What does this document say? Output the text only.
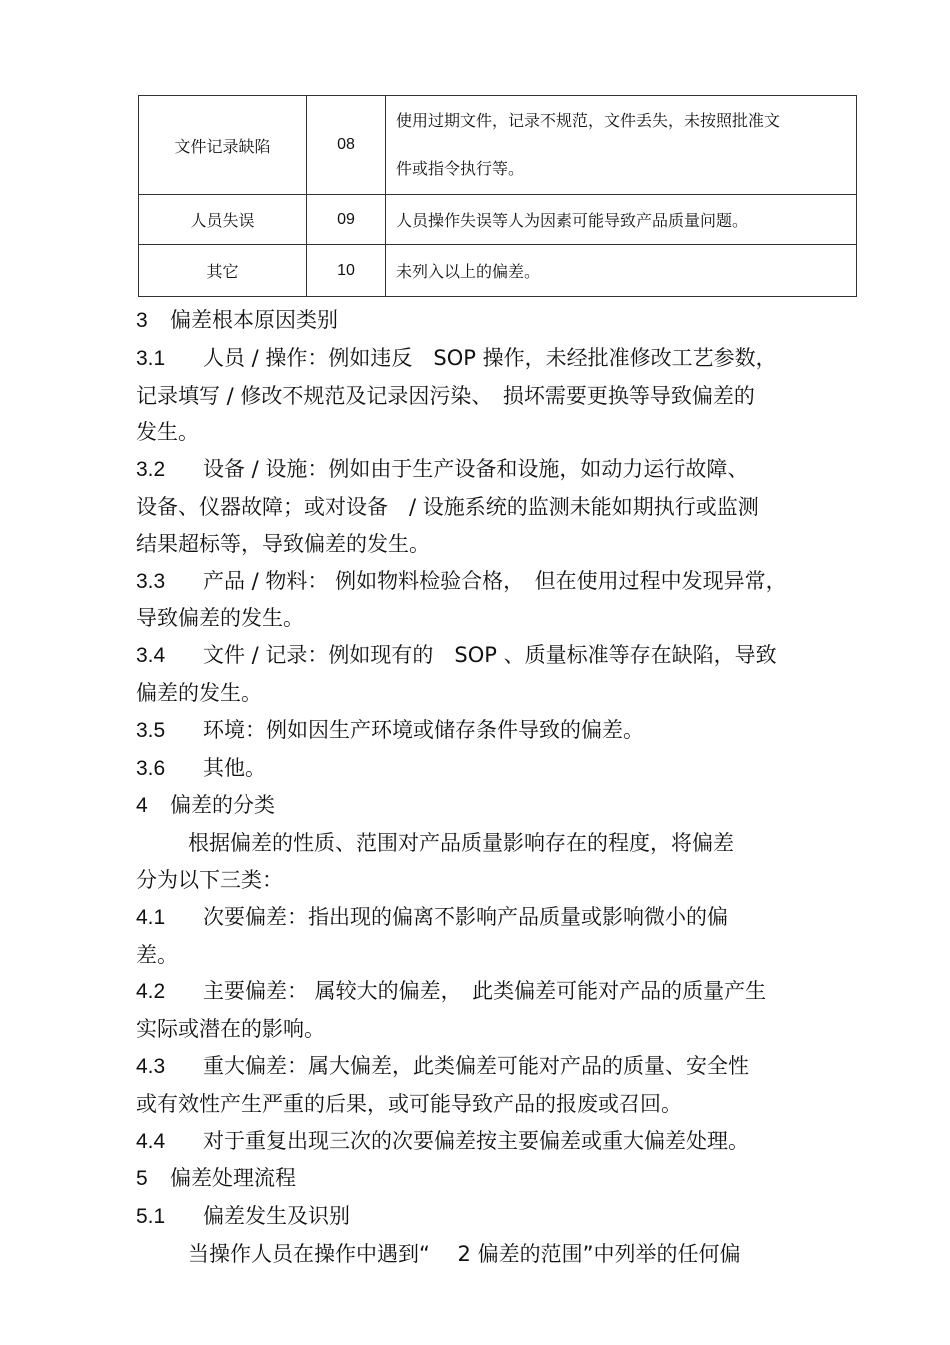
文件记录缺陷	08	使用过期文件，记录不规范，文件丢失，未按照批准文
件或指令执行等。

人员失误	09	人员操作失误等人为因素可能导致产品质量问题。
其它	10	未列入以上的偏差。

3 偏差根本原因类别

3.1 人员 / 操作：例如违反　SOP 操作，未经批准修改工艺参数，

记录填写 / 修改不规范及记录因污染、　损坏需要更换等导致偏差的

发生。

3.2 设备 / 设施：例如由于生产设备和设施，如动力运行故障、

设备、仪器故障；或对设备　/ 设施系统的监测未能如期执行或监测

结果超标等，导致偏差的发生。

3.3 产品 / 物料： 例如物料检验合格，　但在使用过程中发现异常，

导致偏差的发生。

3.4 文件 / 记录：例如现有的　SOP 、质量标准等存在缺陷，导致

偏差的发生。

3.5 环境：例如因生产环境或储存条件导致的偏差。

3.6 其他。

4 偏差的分类

根据偏差的性质、范围对产品质量影响存在的程度，将偏差

分为以下三类：

4.1 次要偏差：指出现的偏离不影响产品质量或影响微小的偏

差。

4.2 主要偏差： 属较大的偏差，　此类偏差可能对产品的质量产生

实际或潜在的影响。

4.3 重大偏差：属大偏差，此类偏差可能对产品的质量、安全性

或有效性产生严重的后果，或可能导致产品的报废或召回。

4.4 对于重复出现三次的次要偏差按主要偏差或重大偏差处理。

5 偏差处理流程

5.1 偏差发生及识别

当操作人员在操作中遇到“　 2 偏差的范围”中列举的任何偏
